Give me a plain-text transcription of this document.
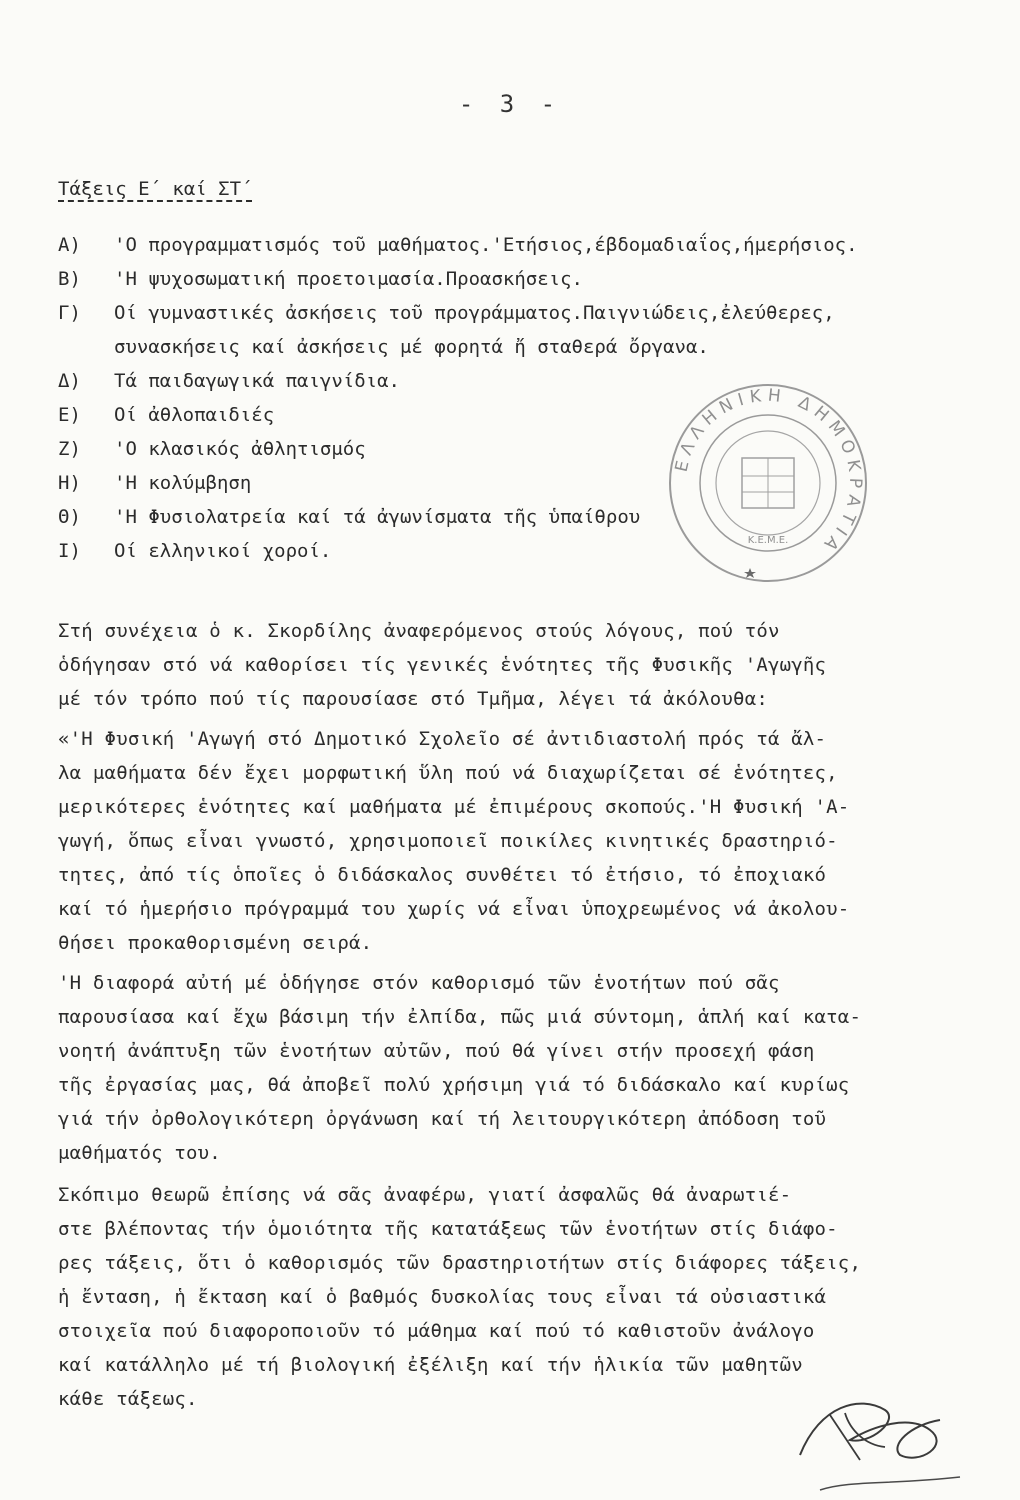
- 3 -
Τάξεις Ε΄ καί ΣΤ΄
Α)	'Ο προγραμματισμός τοῦ μαθήματος.'Ετήσιος,έβδομαδιαΐος,ήμερήσιος.
Β)	'Η ψυχοσωματική προετοιμασία.Προασκήσεις.
Γ)	Οί γυμναστικές ἀσκήσεις τοῦ προγράμματος.Παιγνιώδεις,ἐλεύθερες,
συνασκήσεις καί ἀσκήσεις μέ φορητά ἤ σταθερά ὄργανα.
Δ)	Τά παιδαγωγικά παιγνίδια.
Ε)	Οί ἀθλοπαιδιές
Ζ)	'Ο κλασικός ἀθλητισμός
Η)	'Η κολύμβηση
Θ)	'Η Φυσιολατρεία καί τά ἀγωνίσματα τῆς ὑπαίθρου
Ι)	Οί ελληνικοί χοροί.
ΕΛΛΗΝΙΚΗ ΔΗΜΟΚΡΑΤΙΑ
Κ.Ε.Μ.Ε.
Στή συνέχεια ὁ κ. Σκορδίλης ἀναφερόμενος στούς λόγους, πού τόν
ὁδήγησαν στό νά καθορίσει τίς γενικές ἑνότητες τῆς Φυσικῆς 'Αγωγῆς
μέ τόν τρόπο πού τίς παρουσίασε στό Τμῆμα, λέγει τά ἀκόλουθα:
«'Η Φυσική 'Αγωγή στό Δημοτικό Σχολεῖο σέ ἀντιδιαστολή πρός τά ἄλ-
λα μαθήματα δέν ἔχει μορφωτική ὕλη πού νά διαχωρίζεται σέ ἑνότητες,
μερικότερες ἑνότητες καί μαθήματα μέ ἐπιμέρους σκοπούς.'Η Φυσική 'Α-
γωγή, ὅπως εἶναι γνωστό, χρησιμοποιεῖ ποικίλες κινητικές δραστηριό-
τητες, ἀπό τίς ὁποῖες ὁ διδάσκαλος συνθέτει τό ἐτήσιο, τό ἐποχιακό
καί τό ἡμερήσιο πρόγραμμά του χωρίς νά εἶναι ὑποχρεωμένος νά ἀκολου-
θήσει προκαθορισμένη σειρά.
'Η διαφορά αὐτή μέ ὁδήγησε στόν καθορισμό τῶν ἑνοτήτων πού σᾶς
παρουσίασα καί ἔχω βάσιμη τήν ἐλπίδα, πῶς μιά σύντομη, ἁπλή καί κατα-
νοητή ἀνάπτυξη τῶν ἑνοτήτων αὐτῶν, πού θά γίνει στήν προσεχή φάση
τῆς ἐργασίας μας, θά ἀποβεῖ πολύ χρήσιμη γιά τό διδάσκαλο καί κυρίως
γιά τήν ὀρθολογικότερη ὀργάνωση καί τή λειτουργικότερη ἀπόδοση τοῦ
μαθήματός του.
Σκόπιμο θεωρῶ ἐπίσης νά σᾶς ἀναφέρω, γιατί ἀσφαλῶς θά ἀναρωτιέ-
στε βλέποντας τήν ὁμοιότητα τῆς κατατάξεως τῶν ἑνοτήτων στίς διάφο-
ρες τάξεις, ὅτι ὁ καθορισμός τῶν δραστηριοτήτων στίς διάφορες τάξεις,
ἡ ἔνταση, ἡ ἔκταση καί ὁ βαθμός δυσκολίας τους εἶναι τά οὐσιαστικά
στοιχεῖα πού διαφοροποιοῦν τό μάθημα καί πού τό καθιστοῦν ἀνάλογο
καί κατάλληλο μέ τή βιολογική ἐξέλιξη καί τήν ἡλικία τῶν μαθητῶν
κάθε τάξεως.
